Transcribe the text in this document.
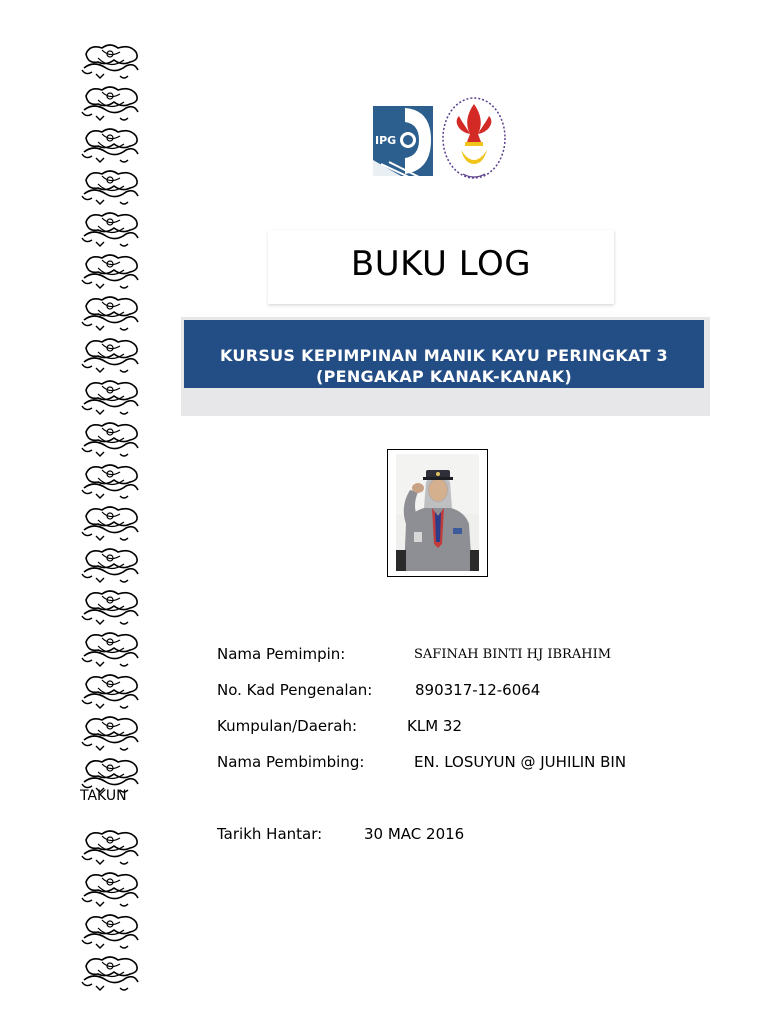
TAKUN
IPG
BUKU LOG
KURSUS KEPIMPINAN MANIK KAYU PERINGKAT 3
(PENGAKAP KANAK-KANAK)
Nama Pemimpin:	SAFINAH BINTI HJ IBRAHIM
No. Kad Pengenalan:	890317-12-6064
Kumpulan/Daerah:	KLM 32
Nama Pembimbing:	EN. LOSUYUN @ JUHILIN BIN
Tarikh Hantar:	30 MAC 2016
